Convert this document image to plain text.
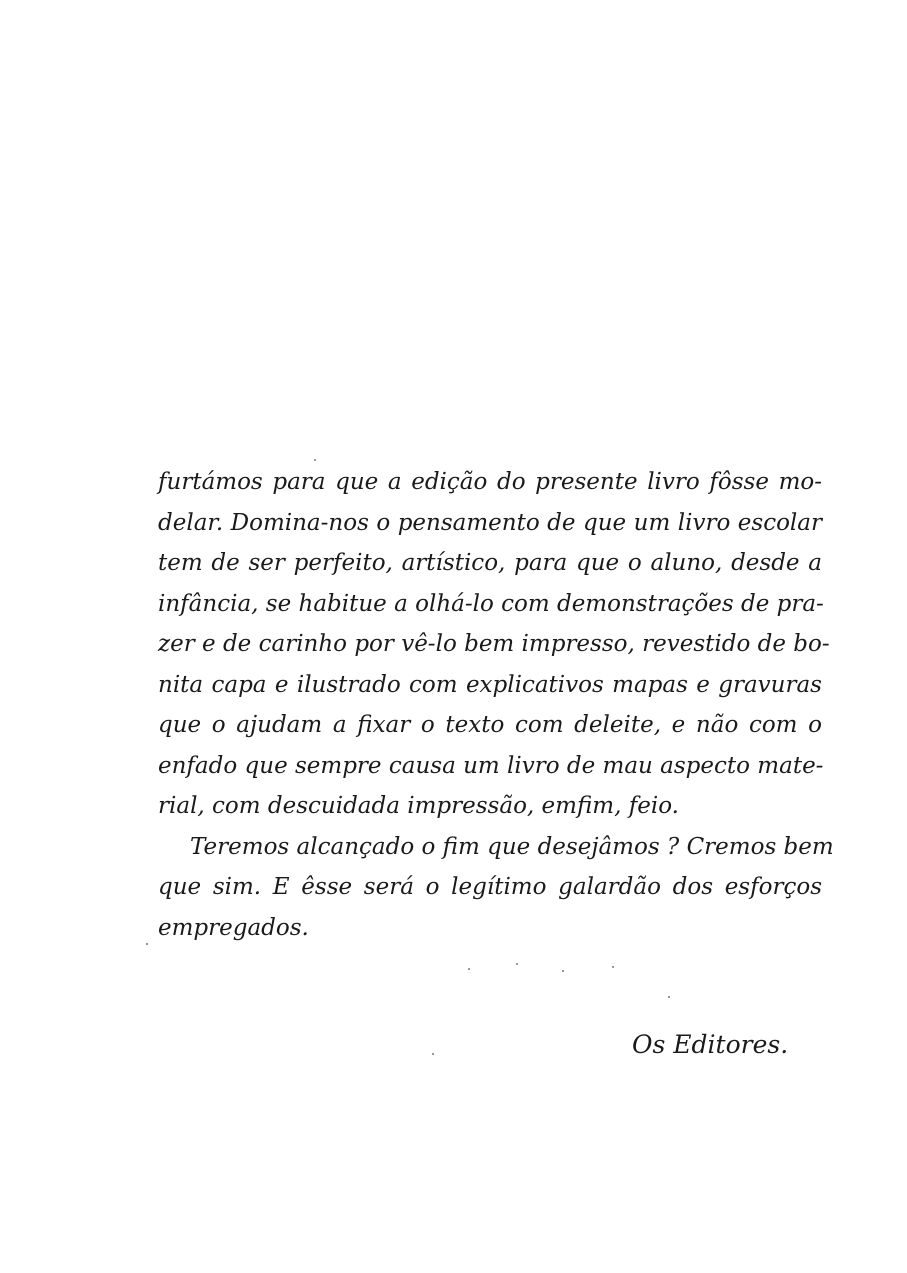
furtámos para que a edição do presente livro fôsse mo-
delar. Domina-nos o pensamento de que um livro escolar
tem de ser perfeito, artístico, para que o aluno, desde a
infância, se habitue a olhá-lo com demonstrações de pra-
zer e de carinho por vê-lo bem impresso, revestido de bo-
nita capa e ilustrado com explicativos mapas e gravuras
que o ajudam a fixar o texto com deleite, e não com o
enfado que sempre causa um livro de mau aspecto mate-
rial, com descuidada impressão, emfim, feio.
Teremos alcançado o fim que desejâmos ? Cremos bem
que sim. E êsse será o legítimo galardão dos esforços
empregados.
Os Editores.
